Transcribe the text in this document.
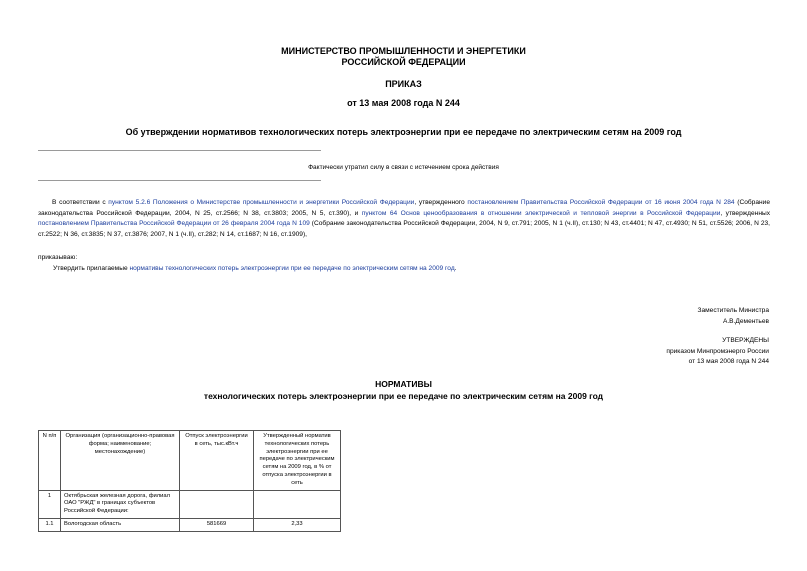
МИНИСТЕРСТВО ПРОМЫШЛЕННОСТИ И ЭНЕРГЕТИКИ
РОССИЙСКОЙ ФЕДЕРАЦИИ
ПРИКАЗ
от 13 мая 2008 года N 244
Об утверждении нормативов технологических потерь электроэнергии при ее передаче по электрическим сетям на 2009 год
Фактически утратил силу в связи с истечением срока действия
В соответствии с пунктом 5.2.6 Положения о Министерстве промышленности и энергетики Российской Федерации, утвержденного постановлением Правительства Российской Федерации от 16 июня 2004 года N 284 (Собрание законодательства Российской Федерации, 2004, N 25, ст.2566; N 38, ст.3803; 2005, N 5, ст.390), и пунктом 64 Основ ценообразования в отношении электрической и тепловой энергии в Российской Федерации, утвержденных постановлением Правительства Российской Федерации от 26 февраля 2004 года N 109 (Собрание законодательства Российской Федерации, 2004, N 9, ст.791; 2005, N 1 (ч.II), ст.130; N 43, ст.4401; N 47, ст.4930; N 51, ст.5526; 2006, N 23, ст.2522; N 36, ст.3835; N 37, ст.3876; 2007, N 1 (ч.II), ст.282; N 14, ст.1687; N 16, ст.1909),
приказываю:
Утвердить прилагаемые нормативы технологических потерь электроэнергии при ее передаче по электрическим сетям на 2009 год.
Заместитель Министра
А.В.Дементьев
УТВЕРЖДЕНЫ
приказом Минпромэнерго России
от 13 мая 2008 года N 244
НОРМАТИВЫ
технологических потерь электроэнергии при ее передаче по электрическим сетям на 2009 год
N п/п	Организация (организационно-правовая форма; наименование; местонахождение)	Отпуск электроэнергии в сеть, тыс.кВт.ч	Утвержденный норматив технологических потерь электроэнергии при ее передаче по электрическим сетям на 2009 год, в % от отпуска электроэнергии в сеть
1	Октябрьская железная дорога, филиал ОАО "РЖД" в границах субъектов Российской Федерации:		
1.1	Вологодская область	581669	2,33
